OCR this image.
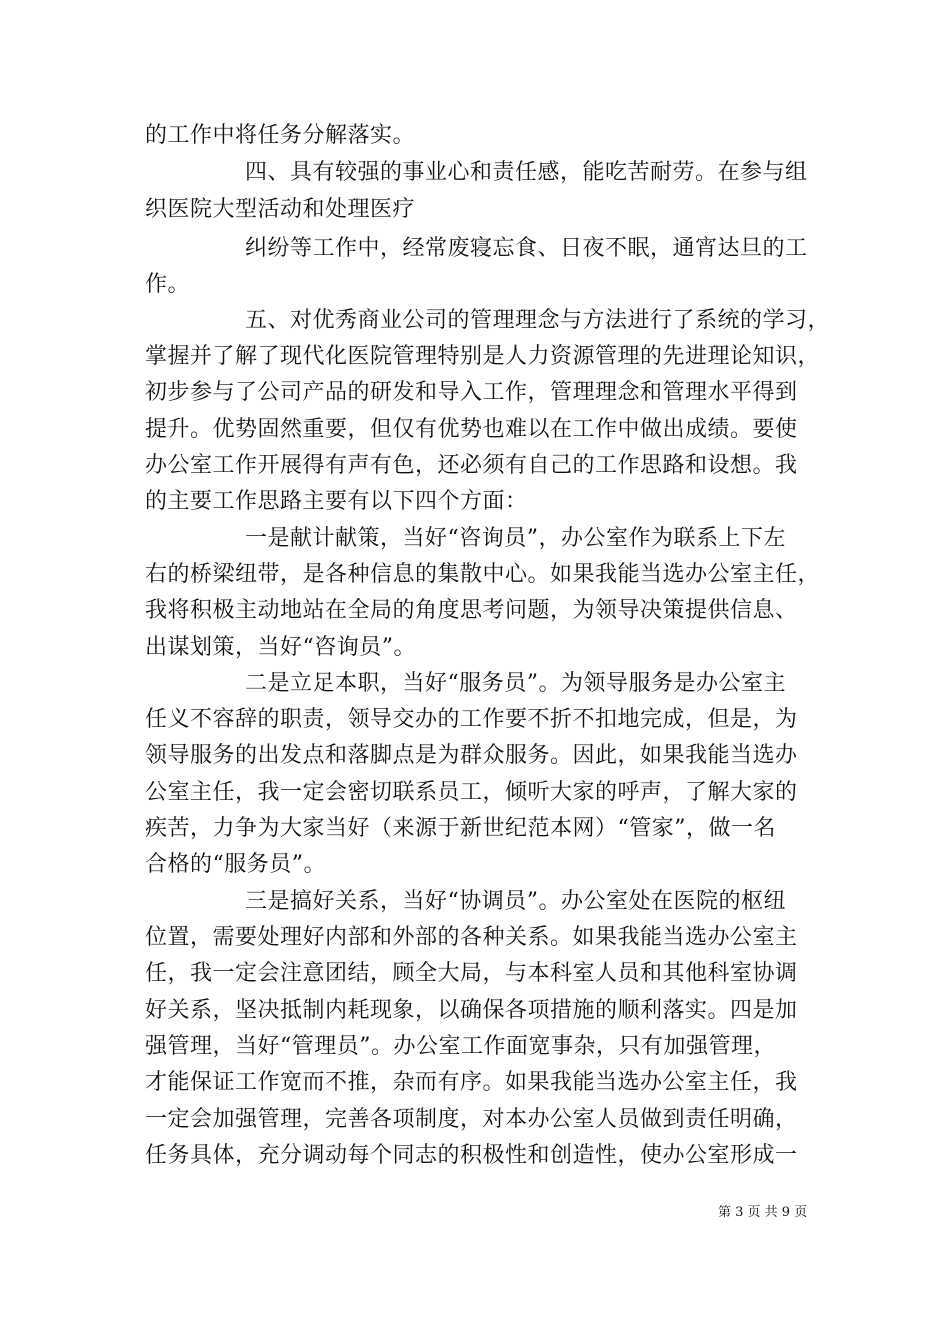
的工作中将任务分解落实。
四、具有较强的事业心和责任感，能吃苦耐劳。在参与组
织医院大型活动和处理医疗
纠纷等工作中，经常废寝忘食、日夜不眠，通宵达旦的工
作。
五、对优秀商业公司的管理理念与方法进行了系统的学习，
掌握并了解了现代化医院管理特别是人力资源管理的先进理论知识，
初步参与了公司产品的研发和导入工作，管理理念和管理水平得到
提升。优势固然重要，但仅有优势也难以在工作中做出成绩。要使
办公室工作开展得有声有色，还必须有自己的工作思路和设想。我
的主要工作思路主要有以下四个方面：
一是献计献策，当好“咨询员”，办公室作为联系上下左
右的桥梁纽带，是各种信息的集散中心。如果我能当选办公室主任，
我将积极主动地站在全局的角度思考问题，为领导决策提供信息、
出谋划策，当好“咨询员”。
二是立足本职，当好“服务员”。为领导服务是办公室主
任义不容辞的职责，领导交办的工作要不折不扣地完成，但是，为
领导服务的出发点和落脚点是为群众服务。因此，如果我能当选办
公室主任，我一定会密切联系员工，倾听大家的呼声，了解大家的
疾苦，力争为大家当好（来源于新世纪范本网）“管家”，做一名
合格的“服务员”。
三是搞好关系，当好“协调员”。办公室处在医院的枢纽
位置，需要处理好内部和外部的各种关系。如果我能当选办公室主
任，我一定会注意团结，顾全大局，与本科室人员和其他科室协调
好关系，坚决抵制内耗现象，以确保各项措施的顺利落实。四是加
强管理，当好“管理员”。办公室工作面宽事杂，只有加强管理，
才能保证工作宽而不推，杂而有序。如果我能当选办公室主任，我
一定会加强管理，完善各项制度，对本办公室人员做到责任明确，
任务具体，充分调动每个同志的积极性和创造性，使办公室形成一
第 3 页 共 9 页
